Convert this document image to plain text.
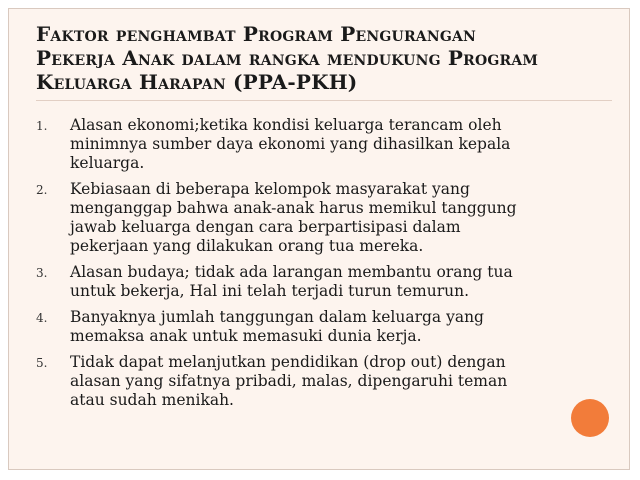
Faktor penghambat Program Pengurangan
Pekerja Anak dalam rangka mendukung Program
Keluarga Harapan (PPA-PKH)
1.	Alasan ekonomi;ketika kondisi keluarga terancam oleh
minimnya sumber daya ekonomi yang dihasilkan kepala
keluarga.
2.	Kebiasaan di beberapa kelompok masyarakat yang
menganggap bahwa anak-anak harus memikul tanggung
jawab keluarga dengan cara berpartisipasi dalam
pekerjaan yang dilakukan orang tua mereka.
3.	Alasan budaya; tidak ada larangan membantu orang tua
untuk bekerja, Hal ini telah terjadi turun temurun.
4.	Banyaknya jumlah tanggungan dalam keluarga yang
memaksa anak untuk memasuki dunia kerja.
5.	Tidak dapat melanjutkan pendidikan (drop out) dengan
alasan yang sifatnya pribadi, malas, dipengaruhi teman
atau sudah menikah.
